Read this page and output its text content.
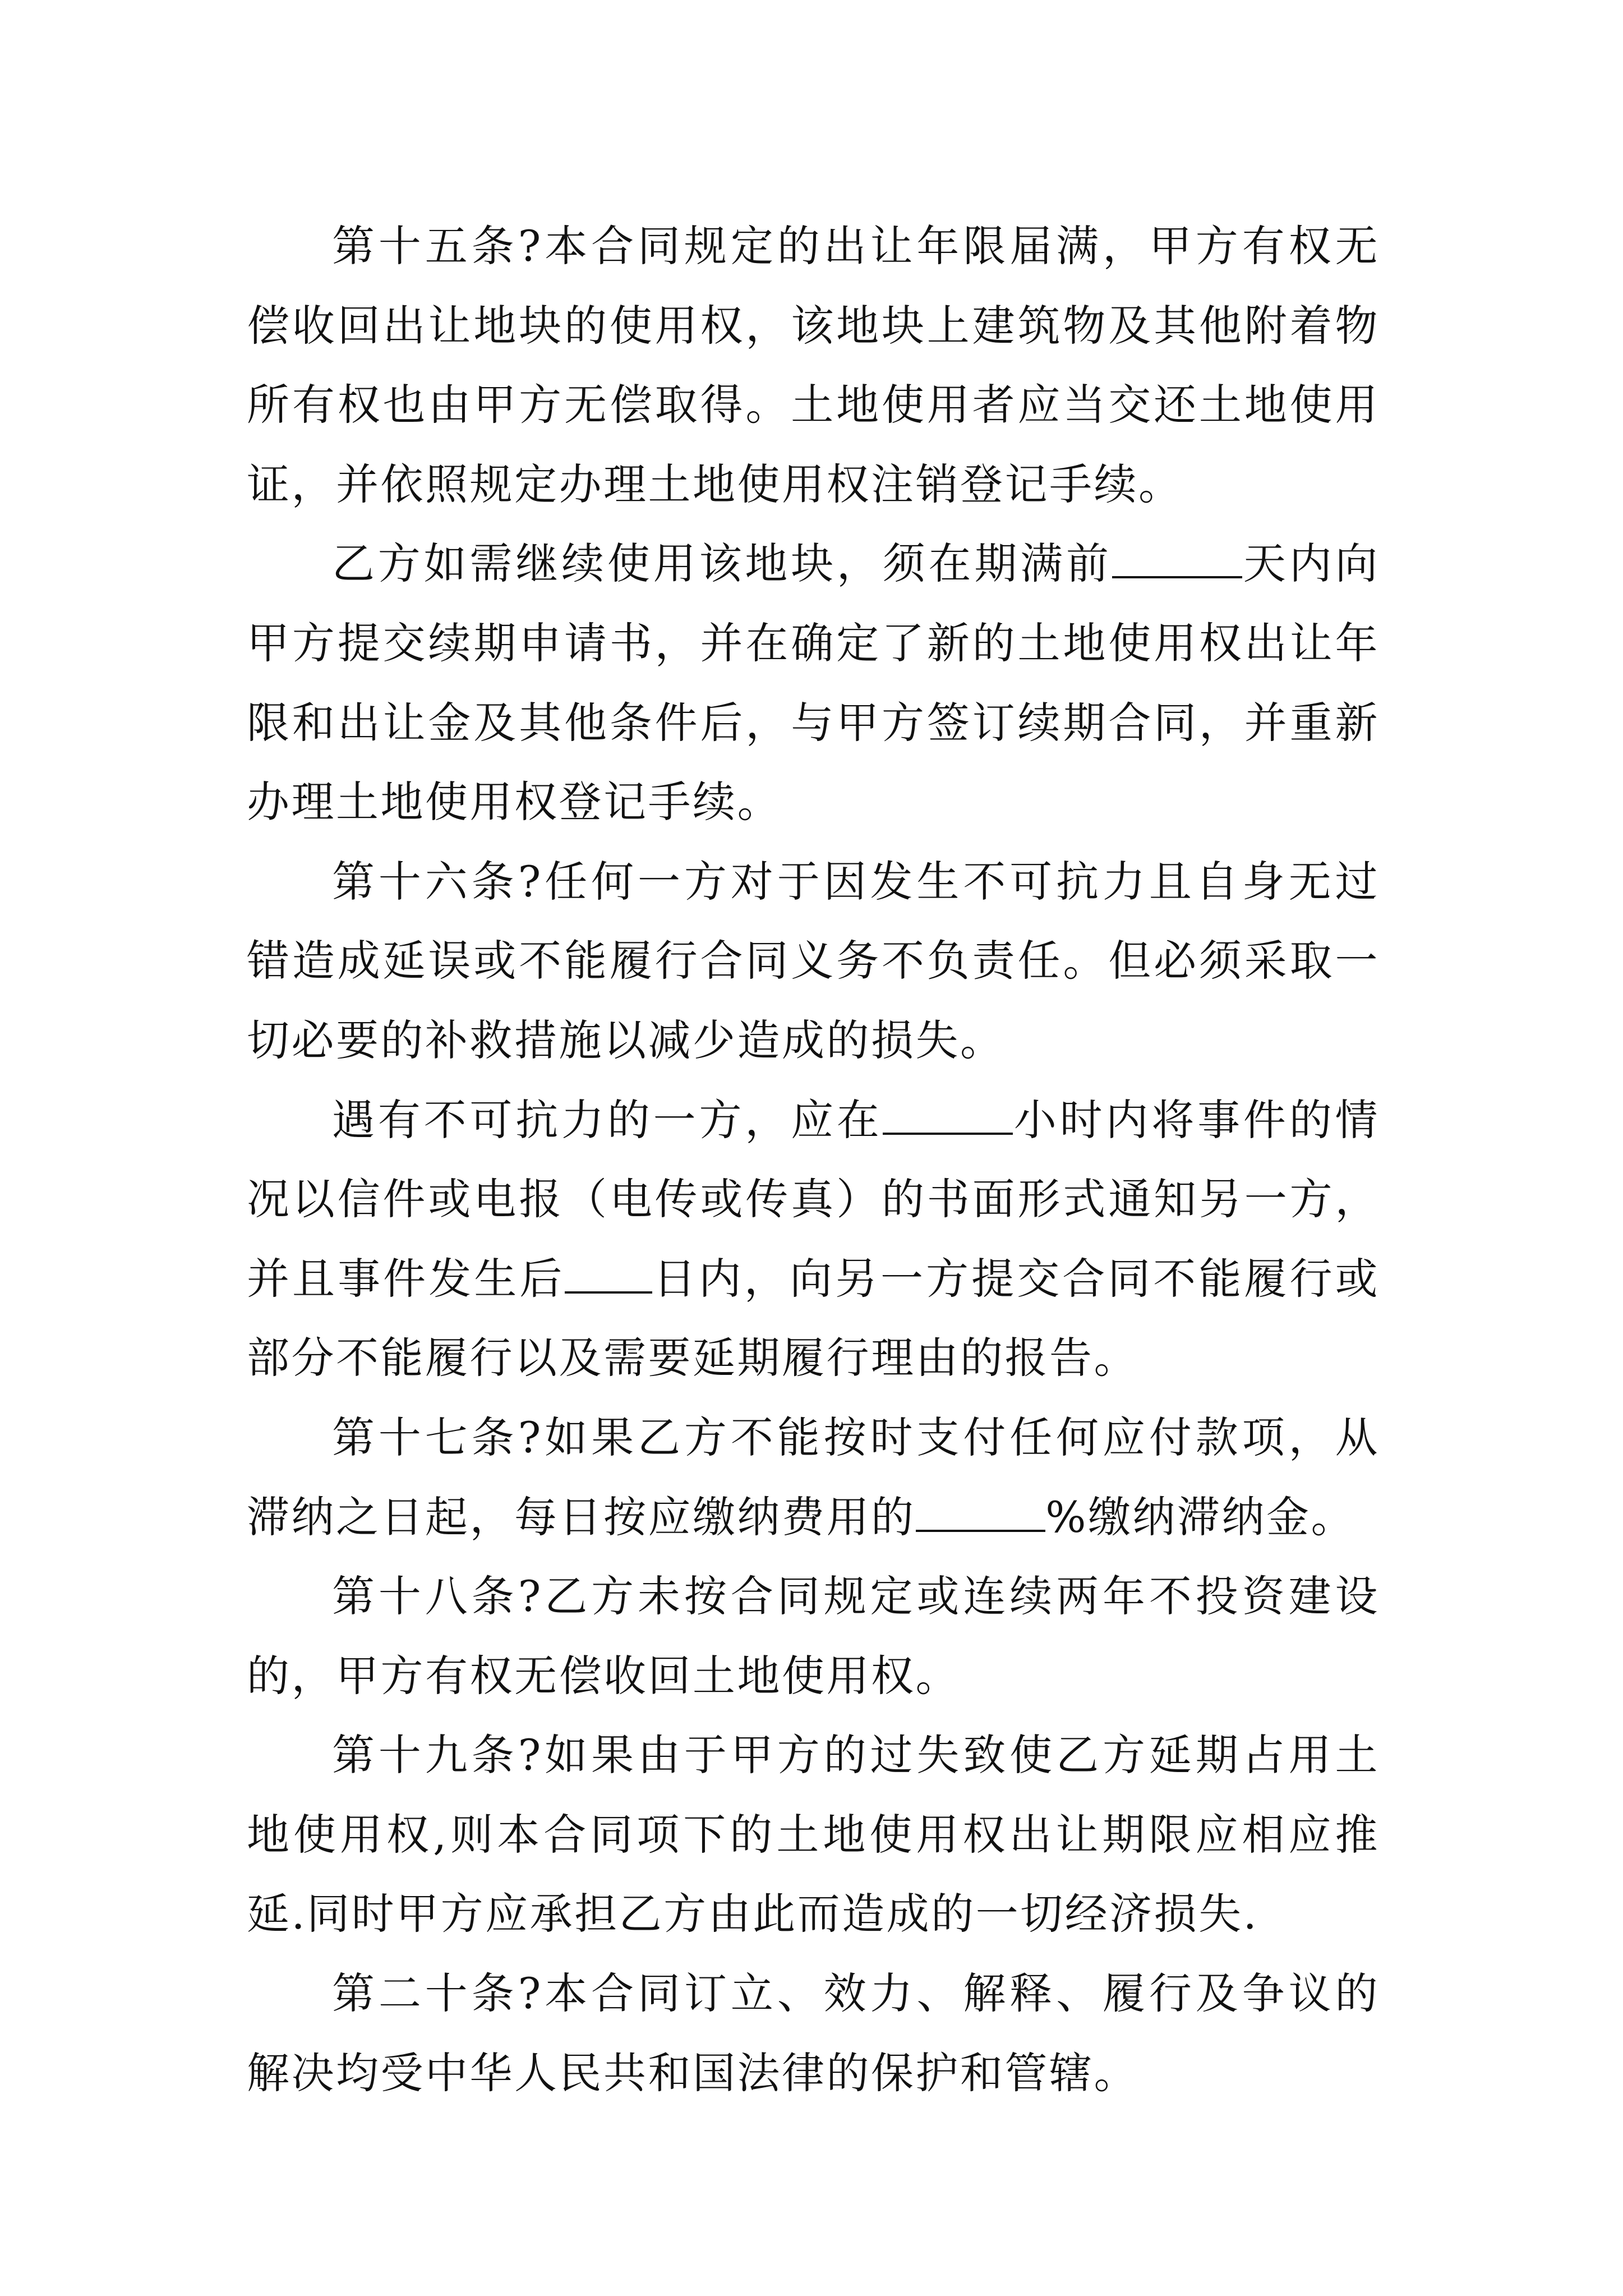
第十五条?本合同规定的出让年限届满，甲方有权无偿收回出让地块的使用权，该地块上建筑物及其他附着物所有权也由甲方无偿取得。土地使用者应当交还土地使用证，并依照规定办理土地使用权注销登记手续。

乙方如需继续使用该地块，须在期满前	天内向甲方提交续期申请书，并在确定了新的土地使用权出让年限和出让金及其他条件后，与甲方签订续期合同，并重新办理土地使用权登记手续。

第十六条?任何一方对于因发生不可抗力且自身无过错造成延误或不能履行合同义务不负责任。但必须采取一切必要的补救措施以减少造成的损失。

遇有不可抗力的一方，应在	小时内将事件的情况以信件或电报（电传或传真）的书面形式通知另一方，并且事件发生后 日内，向另一方提交合同不能履行或部分不能履行以及需要延期履行理由的报告。

第十七条?如果乙方不能按时支付任何应付款项，从滞纳之日起，每日按应缴纳费用的	%缴纳滞纳金。

第十八条?乙方未按合同规定或连续两年不投资建设的，甲方有权无偿收回土地使用权。

第十九条?如果由于甲方的过失致使乙方延期占用土地使用权,则本合同项下的土地使用权出让期限应相应推延.同时甲方应承担乙方由此而造成的一切经济损失.

第二十条?本合同订立、效力、解释、履行及争议的解决均受中华人民共和国法律的保护和管辖。
